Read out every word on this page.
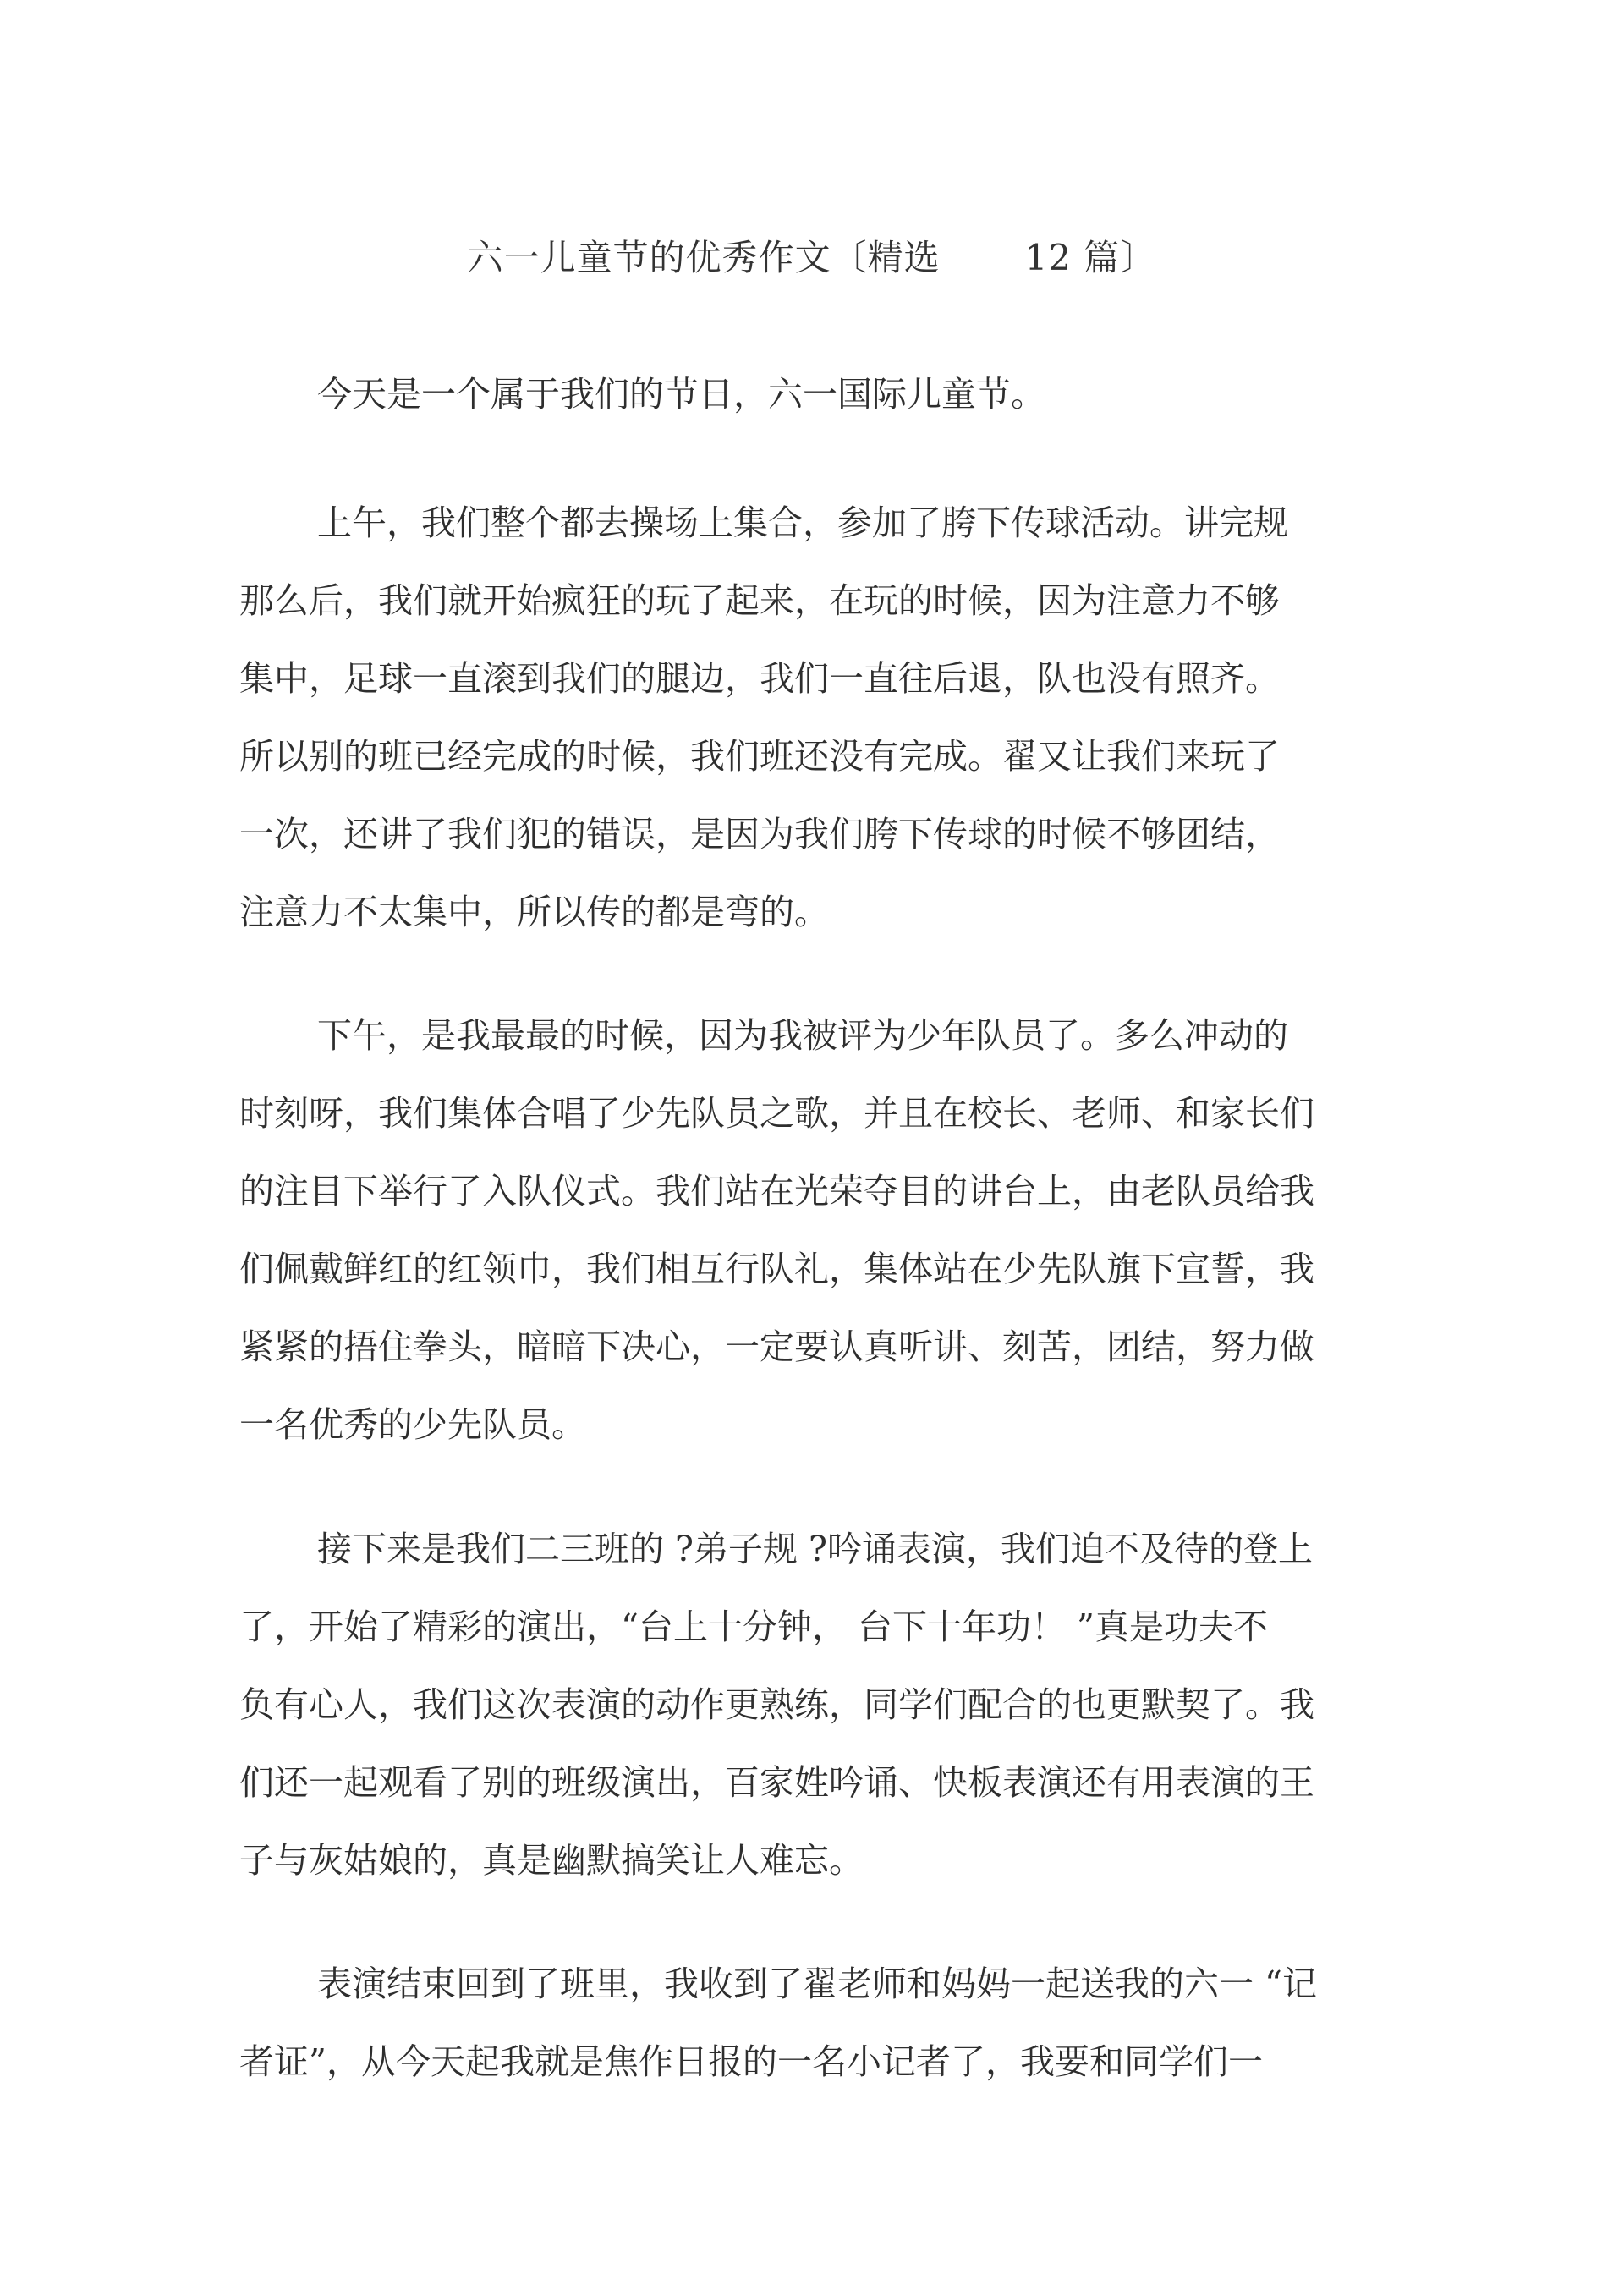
六一儿童节的优秀作文〔精选 12 篇〕
今天是一个属于我们的节日，六一国际儿童节。
上午，我们整个都去操场上集合，参加了胯下传球活动。讲完规
那么后，我们就开始疯狂的玩了起来，在玩的时候，因为注意力不够
集中，足球一直滚到我们的腿边，我们一直往后退，队也没有照齐。
所以别的班已经完成的时候，我们班还没有完成。翟又让我们来玩了
一次，还讲了我们犯的错误，是因为我们胯下传球的时候不够团结，
注意力不太集中，所以传的都是弯的。
下午，是我最最的时候，因为我被评为少年队员了。多么冲动的
时刻呀，我们集体合唱了少先队员之歌，并且在校长、老师、和家长们
的注目下举行了入队仪式。我们站在光荣夺目的讲台上，由老队员给我
们佩戴鲜红的红领巾，我们相互行队礼，集体站在少先队旗下宣誓，我
紧紧的捂住拳头，暗暗下决心，一定要认真听讲、刻苦，团结，努力做
一名优秀的少先队员。
接下来是我们二三班的 ?弟子规 ?吟诵表演，我们迫不及待的登上
了，开始了精彩的演出，“台上十分钟， 台下十年功！ ”真是功夫不
负有心人，我们这次表演的动作更熟练，同学们配合的也更默契了。我
们还一起观看了别的班级演出，百家姓吟诵、快板表演还有用表演的王
子与灰姑娘的，真是幽默搞笑让人难忘。
表演结束回到了班里，我收到了翟老师和妈妈一起送我的六一 “记
者证”，从今天起我就是焦作日报的一名小记者了，我要和同学们一
